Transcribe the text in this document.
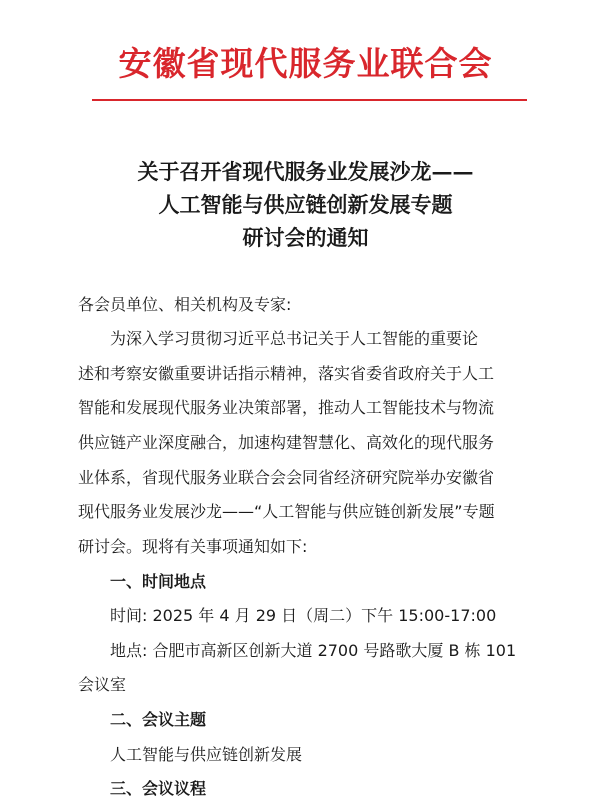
安徽省现代服务业联合会
关于召开省现代服务业发展沙龙——
人工智能与供应链创新发展专题
研讨会的通知
各会员单位、相关机构及专家:
为深入学习贯彻习近平总书记关于人工智能的重要论
述和考察安徽重要讲话指示精神，落实省委省政府关于人工
智能和发展现代服务业决策部署，推动人工智能技术与物流
供应链产业深度融合，加速构建智慧化、高效化的现代服务
业体系，省现代服务业联合会会同省经济研究院举办安徽省
现代服务业发展沙龙——“人工智能与供应链创新发展”专题
研讨会。现将有关事项通知如下:
一、时间地点
时间: 2025 年 4 月 29 日（周二）下午 15:00-17:00
地点: 合肥市高新区创新大道 2700 号路歌大厦 B 栋 101
会议室
二、会议主题
人工智能与供应链创新发展
三、会议议程
